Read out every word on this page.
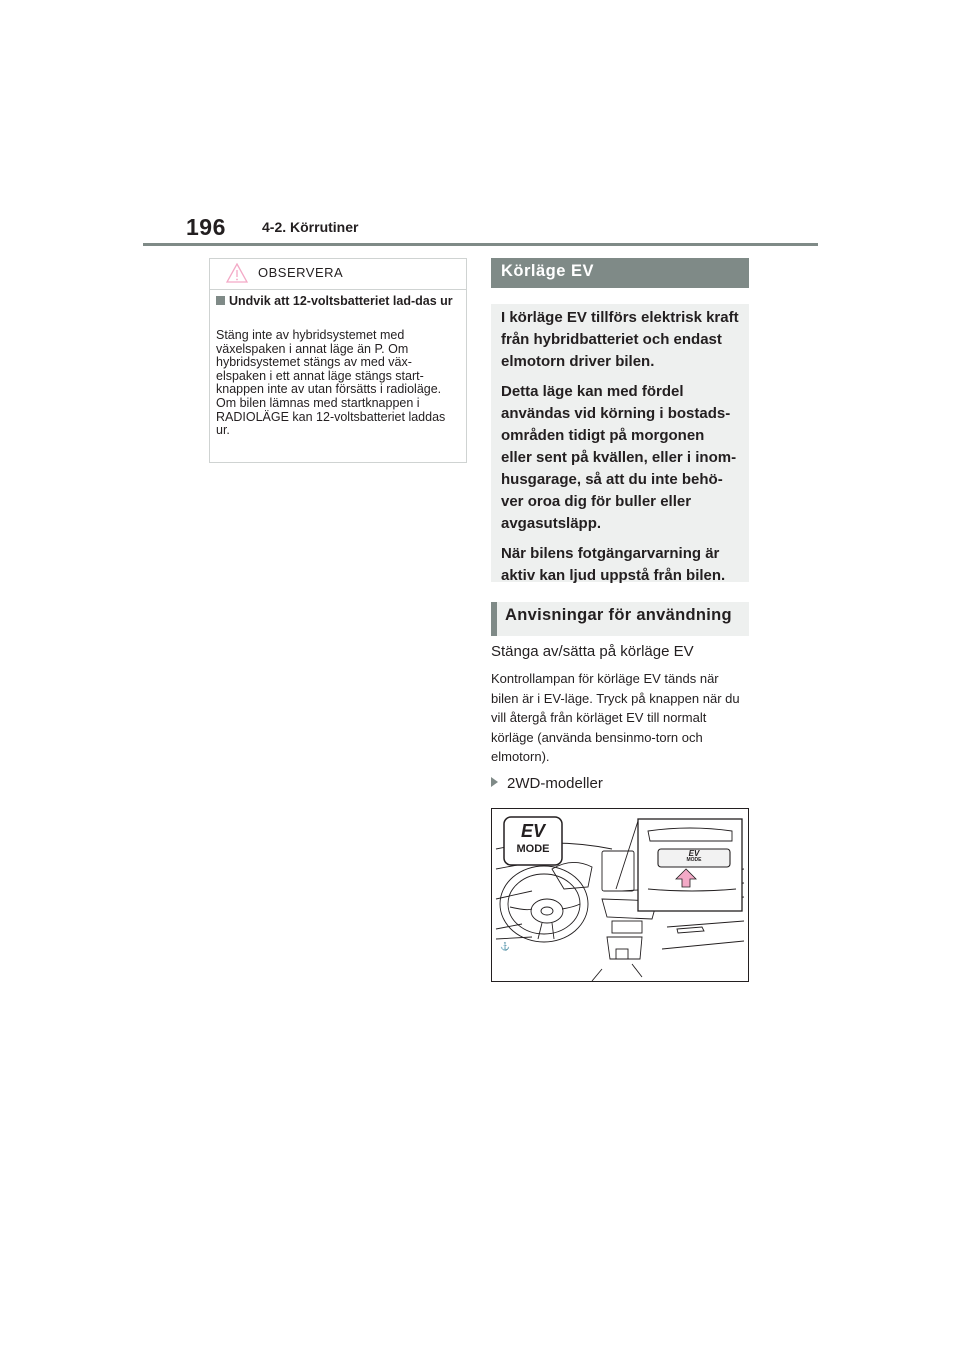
196	4-2. Körrutiner
OBSERVERA
Undvik att 12-voltsbatteriet lad-das ur
Stäng inte av hybridsystemet med växelspaken i annat läge än P. Om hybridsystemet stängs av med väx-elspaken i ett annat läge stängs start-knappen inte av utan försätts i radioläge. Om bilen lämnas med startknappen i RADIOLÄGE kan 12-voltsbatteriet laddas ur.
Körläge EV

I körläge EV tillförs elektrisk kraft från hybridbatteriet och endast elmotorn driver bilen.

Detta läge kan med fördel användas vid körning i bostads-områden tidigt på morgonen eller sent på kvällen, eller i inom-husgarage, så att du inte behö-ver oroa dig för buller eller avgasutsläpp.

När bilens fotgängarvarning är aktiv kan ljud uppstå från bilen.

Anvisningar för användning
Stänga av/sätta på körläge EV
Kontrollampan för körläge EV tänds när bilen är i EV-läge. Tryck på knappen när du vill återgå från körläget EV till normalt körläge (använda bensinmo-torn och elmotorn).
2WD-modeller
⚓
EV
MODE	EV
MODE
